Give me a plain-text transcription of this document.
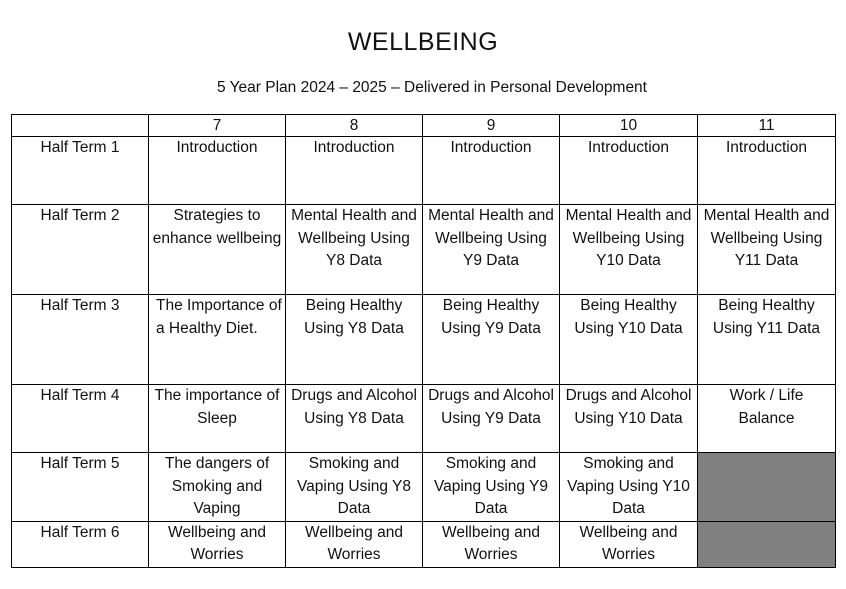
WELLBEING
5 Year Plan 2024 – 2025 – Delivered in Personal Development
	7	8	9	10	11
Half Term 1	Introduction	Introduction	Introduction	Introduction	Introduction
Half Term 2	Strategies to enhance wellbeing	Mental Health and Wellbeing Using Y8 Data	Mental Health and Wellbeing Using Y9 Data	Mental Health and Wellbeing Using Y10 Data	Mental Health and Wellbeing Using Y11 Data
Half Term 3	The Importance of a Healthy Diet.	Being Healthy Using Y8 Data	Being Healthy Using Y9 Data	Being Healthy Using Y10 Data	Being Healthy Using Y11 Data
Half Term 4	The importance of Sleep	Drugs and Alcohol Using Y8 Data	Drugs and Alcohol Using Y9 Data	Drugs and Alcohol Using Y10 Data	Work / Life Balance
Half Term 5	The dangers of Smoking and Vaping	Smoking and Vaping Using Y8 Data	Smoking and Vaping Using Y9 Data	Smoking and Vaping Using Y10 Data	
Half Term 6	Wellbeing and Worries	Wellbeing and Worries	Wellbeing and Worries	Wellbeing and Worries	
